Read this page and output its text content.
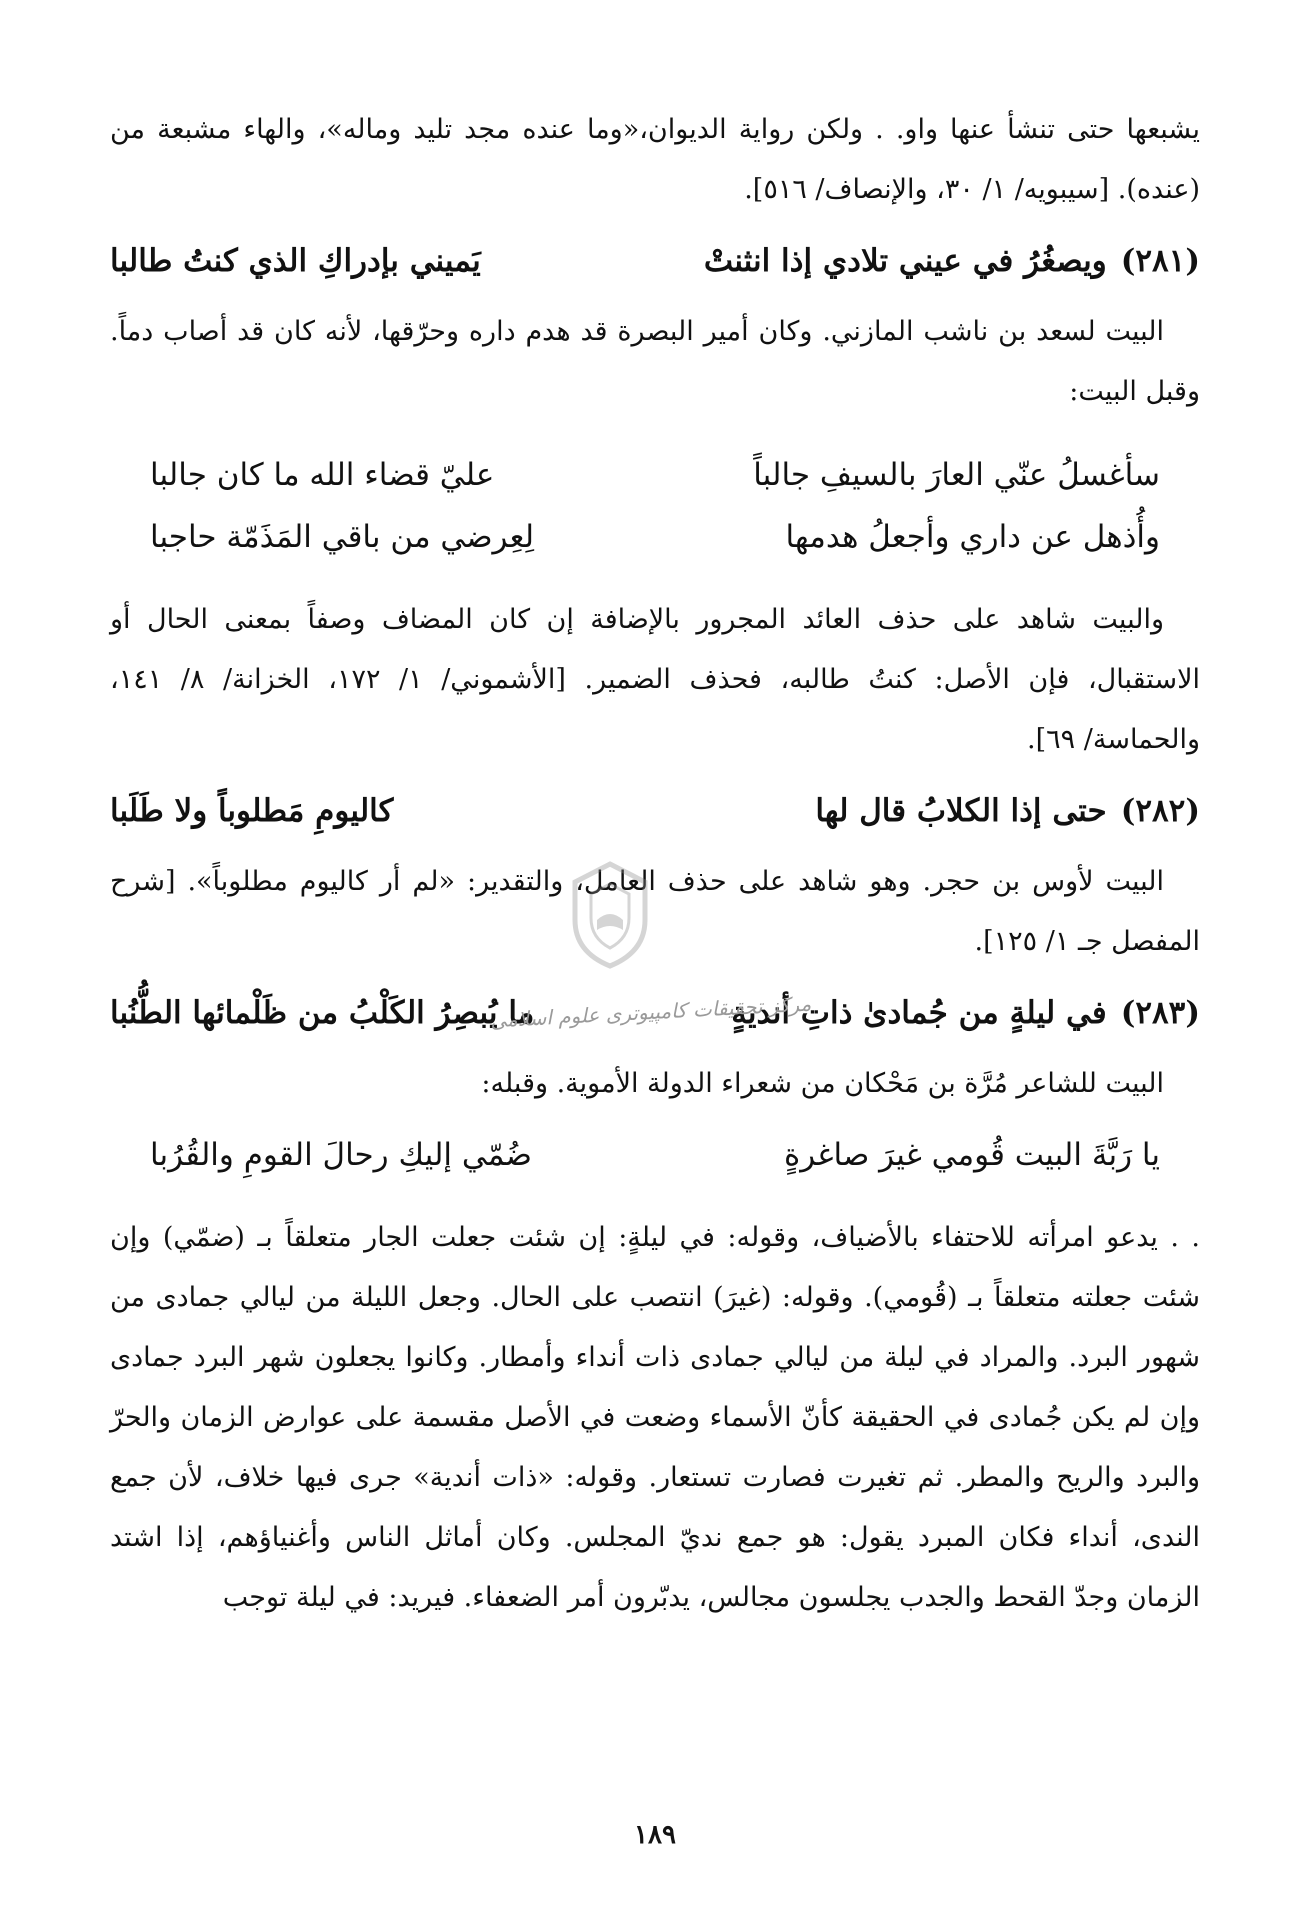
يشبعها حتى تنشأ عنها واو. . ولكن رواية الديوان،«وما عنده مجد تليد وماله»، والهاء مشبعة من (عنده). [سيبويه/ ١/ ٣٠، والإنصاف/ ٥١٦].

(٢٨١)
ويصغُرُ في عيني تلادي إذا انثنتْ
يَميني بإدراكِ الذي كنتُ طالبا

البيت لسعد بن ناشب المازني. وكان أمير البصرة قد هدم داره وحرّقها، لأنه كان قد أصاب دماً. وقبل البيت:

سأغسلُ عنّي العارَ بالسيفِ جالباً
عليّ قضاء الله ما كان جالبا
وأُذهل عن داري وأجعلُ هدمها
لِعِرضي من باقي المَذَمّة حاجبا

والبيت شاهد على حذف العائد المجرور بالإضافة إن كان المضاف وصفاً بمعنى الحال أو الاستقبال، فإن الأصل: كنتُ طالبه، فحذف الضمير. [الأشموني/ ١/ ١٧٢، الخزانة/ ٨/ ١٤١، والحماسة/ ٦٩].

(٢٨٢)
حتى إذا الكلابُ قال لها
كاليومِ مَطلوباً ولا طَلَبا

البيت لأوس بن حجر. وهو شاهد على حذف العامل، والتقدير: «لم أر كاليوم مطلوباً». [شرح المفصل جـ ١/ ١٢٥].

(٢٨٣)
في ليلةٍ من جُمادىٰ ذاتِ أنديةٍ
ما يُبصِرُ الكَلْبُ من ظَلْمائها الطُّنُبا

البيت للشاعر مُرَّة بن مَحْكان من شعراء الدولة الأموية. وقبله:

يا رَبَّةَ البيت قُومي غيرَ صاغرةٍ
ضُمّي إليكِ رحالَ القومِ والقُرُبا

. . يدعو امرأته للاحتفاء بالأضياف، وقوله: في ليلةٍ: إن شئت جعلت الجار متعلقاً بـ (ضمّي) وإن شئت جعلته متعلقاً بـ (قُومي). وقوله: (غيرَ) انتصب على الحال. وجعل الليلة من ليالي جمادى من شهور البرد. والمراد في ليلة من ليالي جمادى ذات أنداء وأمطار. وكانوا يجعلون شهر البرد جمادى وإن لم يكن جُمادى في الحقيقة كأنّ الأسماء وضعت في الأصل مقسمة على عوارض الزمان والحرّ والبرد والريح والمطر. ثم تغيرت فصارت تستعار. وقوله: «ذات أندية» جرى فيها خلاف، لأن جمع الندى، أنداء فكان المبرد يقول: هو جمع نديّ المجلس. وكان أماثل الناس وأغنياؤهم، إذا اشتد الزمان وجدّ القحط والجدب يجلسون مجالس، يدبّرون أمر الضعفاء. فيريد: في ليلة توجب

١٨٩
مرکز تحقیقات کامپیوتری علوم اسلامی
